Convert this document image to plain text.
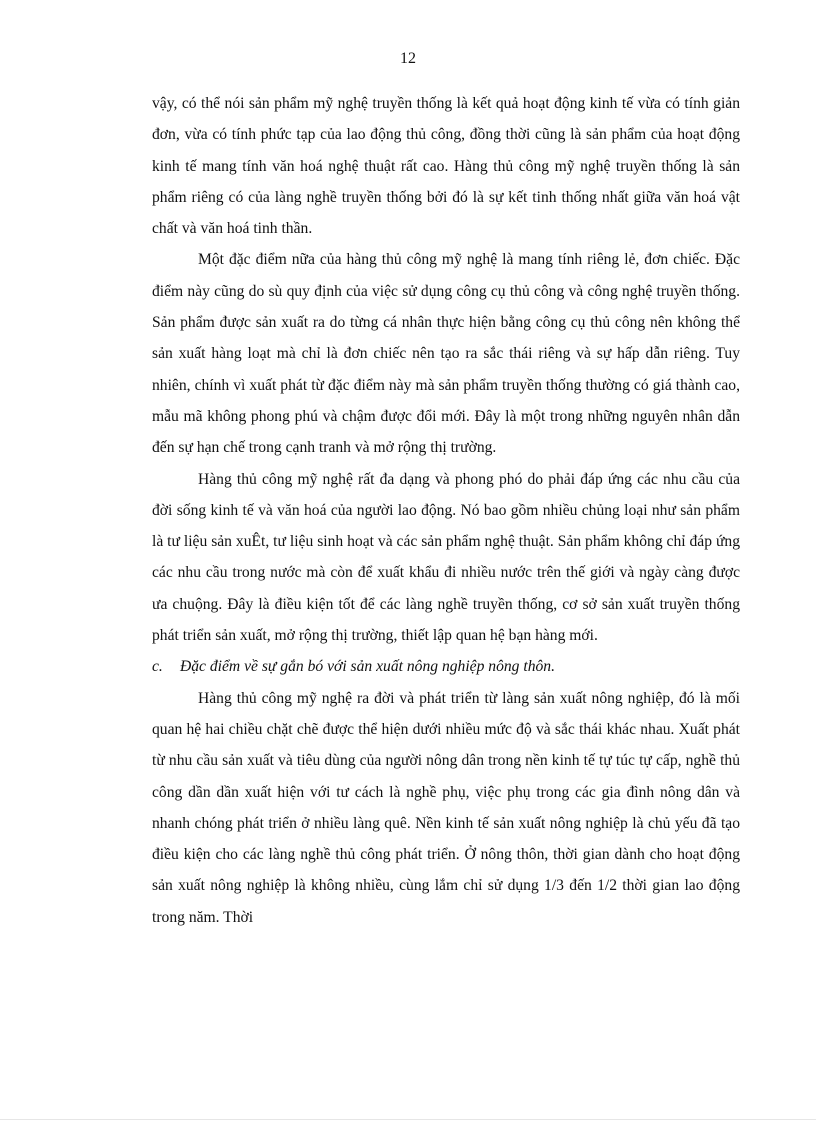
12

vậy, có thể nói sản phẩm mỹ nghệ truyền thống là kết quả hoạt động kinh tế vừa có tính giản đơn, vừa có tính phức tạp của lao động thủ công, đồng thời cũng là sản phẩm của hoạt động kinh tế mang tính văn hoá nghệ thuật rất cao. Hàng thủ công mỹ nghệ truyền thống là sản phẩm riêng có của làng nghề truyền thống bởi đó là sự kết tinh thống nhất giữa văn hoá vật chất và văn hoá tinh thần.

Một đặc điểm nữa của hàng thủ công mỹ nghệ là mang tính riêng lẻ, đơn chiếc. Đặc điểm này cũng do sù quy định của việc sử dụng công cụ thủ công và công nghệ truyền thống. Sản phẩm được sản xuất ra do từng cá nhân thực hiện bằng công cụ thủ công nên không thể sản xuất hàng loạt mà chỉ là đơn chiếc nên tạo ra sắc thái riêng và sự hấp dẫn riêng. Tuy nhiên, chính vì xuất phát từ đặc điểm này mà sản phẩm truyền thống thường có giá thành cao, mẫu mã không phong phú và chậm được đổi mới. Đây là một trong những nguyên nhân dẫn đến sự hạn chế trong cạnh tranh và mở rộng thị trường.

Hàng thủ công mỹ nghệ rất đa dạng và phong phó do phải đáp ứng các nhu cầu của đời sống kinh tế và văn hoá của người lao động. Nó bao gồm nhiều chủng loại như sản phẩm là tư liệu sản xuÊt, tư liệu sinh hoạt và các sản phẩm nghệ thuật. Sản phẩm không chỉ đáp ứng các nhu cầu trong nước mà còn để xuất khẩu đi nhiều nước trên thế giới và ngày càng được ưa chuộng. Đây là điều kiện tốt để các làng nghề truyền thống, cơ sở sản xuất truyền thống phát triển sản xuất, mở rộng thị trường, thiết lập quan hệ bạn hàng mới.

c. Đặc điểm về sự gắn bó với sản xuất nông nghiệp nông thôn.

Hàng thủ công mỹ nghệ ra đời và phát triển từ làng sản xuất nông nghiệp, đó là mối quan hệ hai chiều chặt chẽ được thể hiện dưới nhiều mức độ và sắc thái khác nhau. Xuất phát từ nhu cầu sản xuất và tiêu dùng của người nông dân trong nền kinh tế tự túc tự cấp, nghề thủ công dần dần xuất hiện với tư cách là nghề phụ, việc phụ trong các gia đình nông dân và nhanh chóng phát triển ở nhiều làng quê. Nền kinh tế sản xuất nông nghiệp là chủ yếu đã tạo điều kiện cho các làng nghề thủ công phát triển. Ở nông thôn, thời gian dành cho hoạt động sản xuất nông nghiệp là không nhiều, cùng lắm chỉ sử dụng 1/3 đến 1/2 thời gian lao động trong năm. Thời
